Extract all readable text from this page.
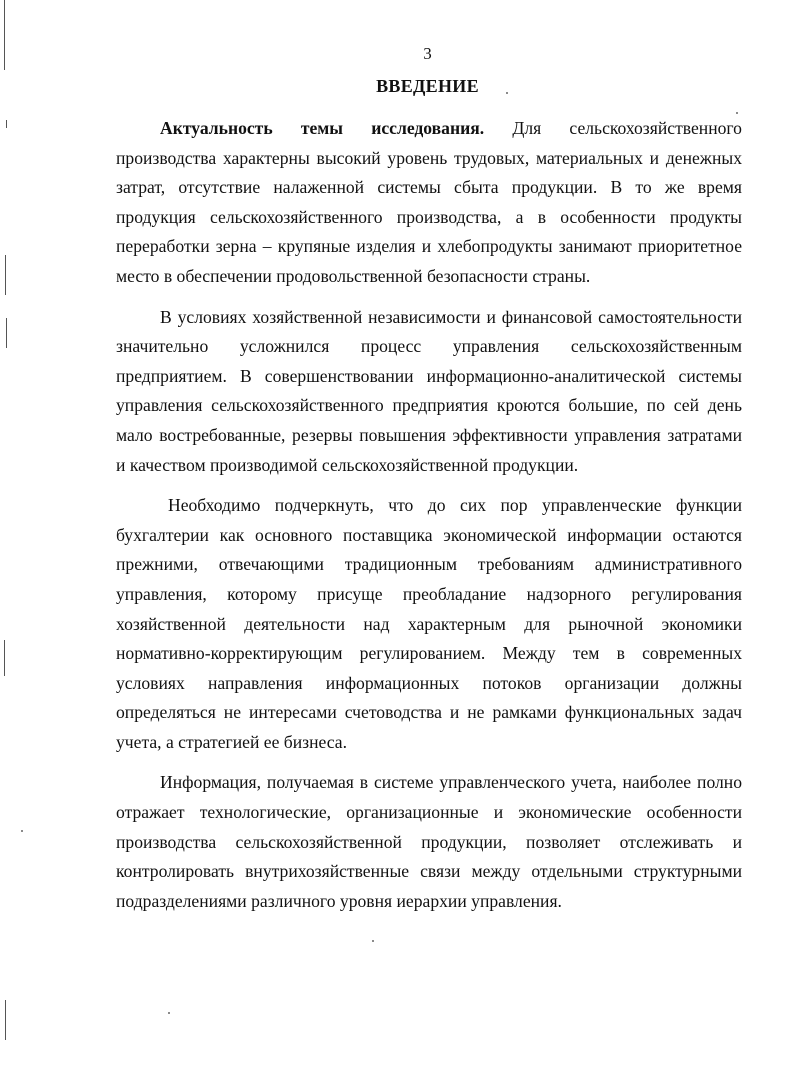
3
ВВЕДЕНИЕ

Актуальность темы исследования. Для сельскохозяйственного производства характерны высокий уровень трудовых, материальных и денежных затрат, отсутствие налаженной системы сбыта продукции. В то же время продукция сельскохозяйственного производства, а в особенности продукты переработки зерна – крупяные изделия и хлебопродукты занимают приоритетное место в обеспечении продовольственной безопасности страны.

В условиях хозяйственной независимости и финансовой самостоятельности значительно усложнился процесс управления сельскохозяйственным предприятием. В совершенствовании информационно-аналитической системы управления сельскохозяйственного предприятия кроются большие, по сей день мало востребованные, резервы повышения эффективности управления затратами и качеством производимой сельскохозяйственной продукции.

Необходимо подчеркнуть, что до сих пор управленческие функции бухгалтерии как основного поставщика экономической информации остаются прежними, отвечающими традиционным требованиям административного управления, которому присуще преобладание надзорного регулирования хозяйственной деятельности над характерным для рыночной экономики нормативно-корректирующим регулированием. Между тем в современных условиях направления информационных потоков организации должны определяться не интересами счетоводства и не рамками функциональных задач учета, а стратегией ее бизнеса.

Информация, получаемая в системе управленческого учета, наиболее полно отражает технологические, организационные и экономические особенности производства сельскохозяйственной продукции, позволяет отслеживать и контролировать внутрихозяйственные связи между отдельными структурными подразделениями различного уровня иерархии управления.
